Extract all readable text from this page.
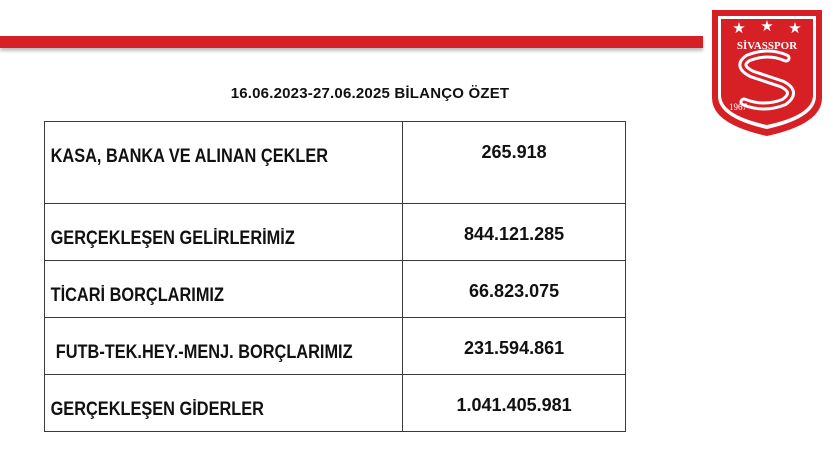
★ ★ ★
SİVASSPOR
1967
16.06.2023-27.06.2025 BİLANÇO ÖZET
KASA, BANKA VE ALINAN ÇEKLER	265.918
GERÇEKLEŞEN GELİRLERİMİZ	844.121.285
TİCARİ BORÇLARIMIZ	66.823.075
FUTB-TEK.HEY.-MENJ. BORÇLARIMIZ	231.594.861
GERÇEKLEŞEN GİDERLER	1.041.405.981
